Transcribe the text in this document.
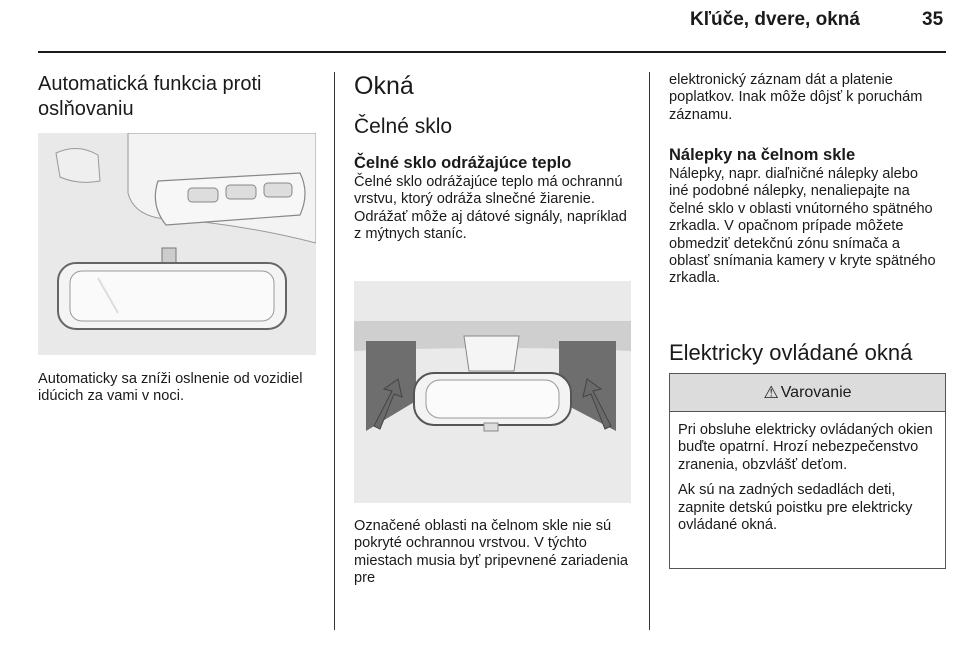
Kľúče, dvere, okná	35
Automatická funkcia proti oslňovaniu

Automaticky sa zníži oslnenie od vozidiel idúcich za vami v noci.

Okná
Čelné sklo
Čelné sklo odrážajúce teplo

Čelné sklo odrážajúce teplo má ochrannú vrstvu, ktorý odráža slnečné žiarenie. Odrážať môže aj dátové signály, napríklad z mýtnych staníc.

Označené oblasti na čelnom skle nie sú pokryté ochrannou vrstvou. V týchto miestach musia byť pripevnené zariadenia pre

elektronický záznam dát a platenie poplatkov. Inak môže dôjsť k poruchám záznamu.

Nálepky na čelnom skle

Nálepky, napr. diaľničné nálepky alebo iné podobné nálepky, nenaliepajte na čelné sklo v oblasti vnútorného spätného zrkadla. V opačnom prípade môžete obmedziť detekčnú zónu snímača a oblasť snímania kamery v kryte spätného zrkadla.

Elektricky ovládané okná
⚠ Varovanie

Pri obsluhe elektricky ovládaných okien buďte opatrní. Hrozí nebezpečenstvo zranenia, obzvlášť deťom.

Ak sú na zadných sedadlách deti, zapnite detskú poistku pre elektricky ovládané okná.
